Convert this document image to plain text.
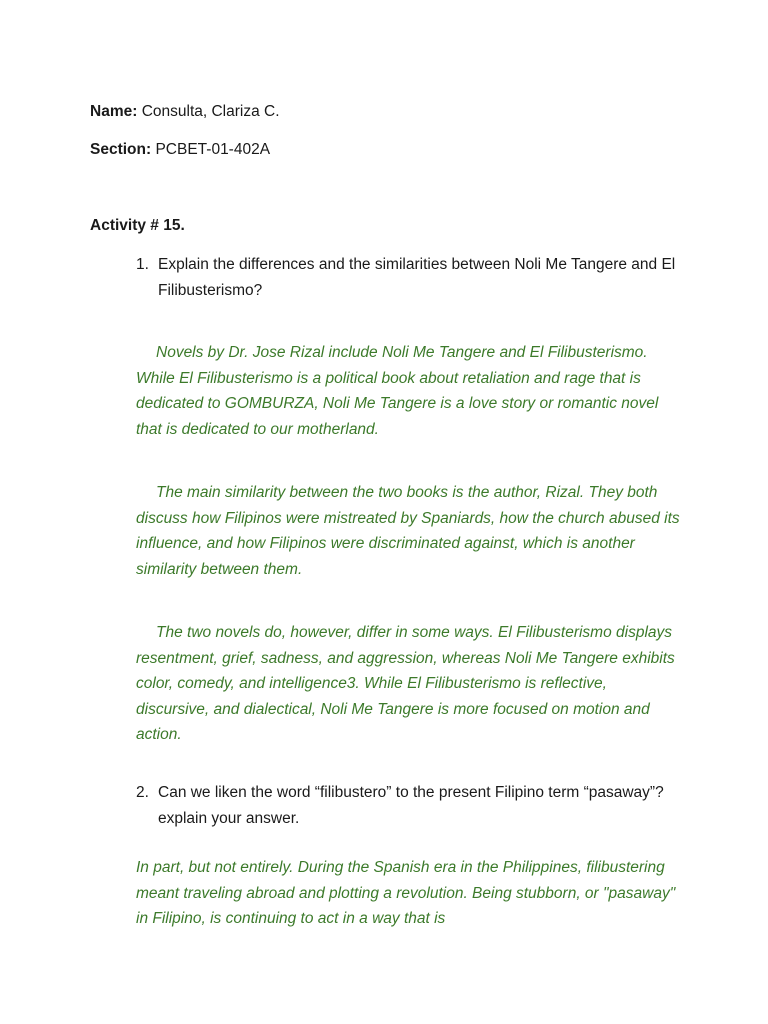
Name: Consulta, Clariza C.
Section: PCBET-01-402A
Activity # 15.
1. Explain the differences and the similarities between Noli Me Tangere and El Filibusterismo?
Novels by Dr. Jose Rizal include Noli Me Tangere and El Filibusterismo. While El Filibusterismo is a political book about retaliation and rage that is dedicated to GOMBURZA, Noli Me Tangere is a love story or romantic novel that is dedicated to our motherland.
The main similarity between the two books is the author, Rizal. They both discuss how Filipinos were mistreated by Spaniards, how the church abused its influence, and how Filipinos were discriminated against, which is another similarity between them.
The two novels do, however, differ in some ways. El Filibusterismo displays resentment, grief, sadness, and aggression, whereas Noli Me Tangere exhibits color, comedy, and intelligence3. While El Filibusterismo is reflective, discursive, and dialectical, Noli Me Tangere is more focused on motion and action.
2. Can we liken the word “filibustero” to the present Filipino term “pasaway”? explain your answer.
In part, but not entirely. During the Spanish era in the Philippines, filibustering meant traveling abroad and plotting a revolution. Being stubborn, or "pasaway" in Filipino, is continuing to act in a way that is
